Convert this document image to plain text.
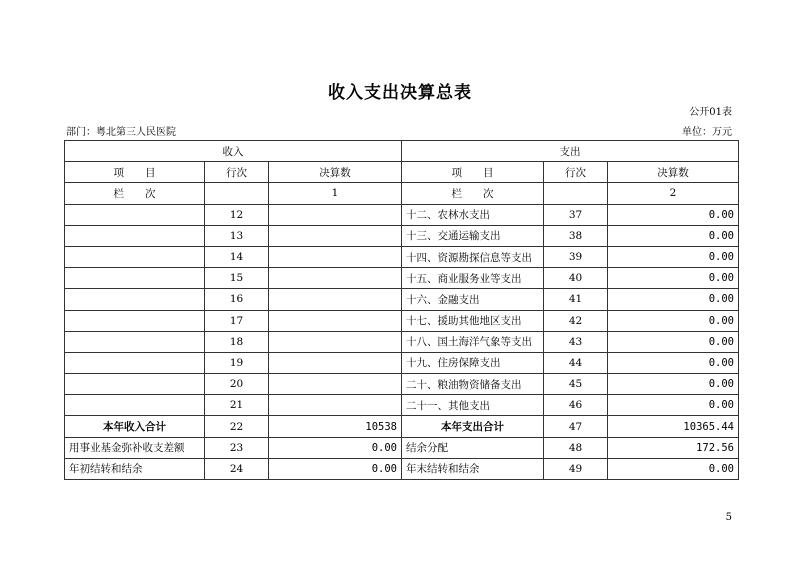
收入支出决算总表
公开01表
部门：粤北第三人民医院	单位：万元
收入			支出		
项　　目	行次	决算数	项　　目	行次	决算数
栏　　次		1	栏　　次		2
	12		十二、农林水支出	37	0.00
	13		十三、交通运输支出	38	0.00
	14		十四、资源勘探信息等支出	39	0.00
	15		十五、商业服务业等支出	40	0.00
	16		十六、金融支出	41	0.00
	17		十七、援助其他地区支出	42	0.00
	18		十八、国土海洋气象等支出	43	0.00
	19		十九、住房保障支出	44	0.00
	20		二十、粮油物资储备支出	45	0.00
	21		二十一、其他支出	46	0.00
本年收入合计	22	10538	本年支出合计	47	10365.44
用事业基金弥补收支差额	23	0.00	结余分配	48	172.56
年初结转和结余	24	0.00	年末结转和结余	49	0.00
5
